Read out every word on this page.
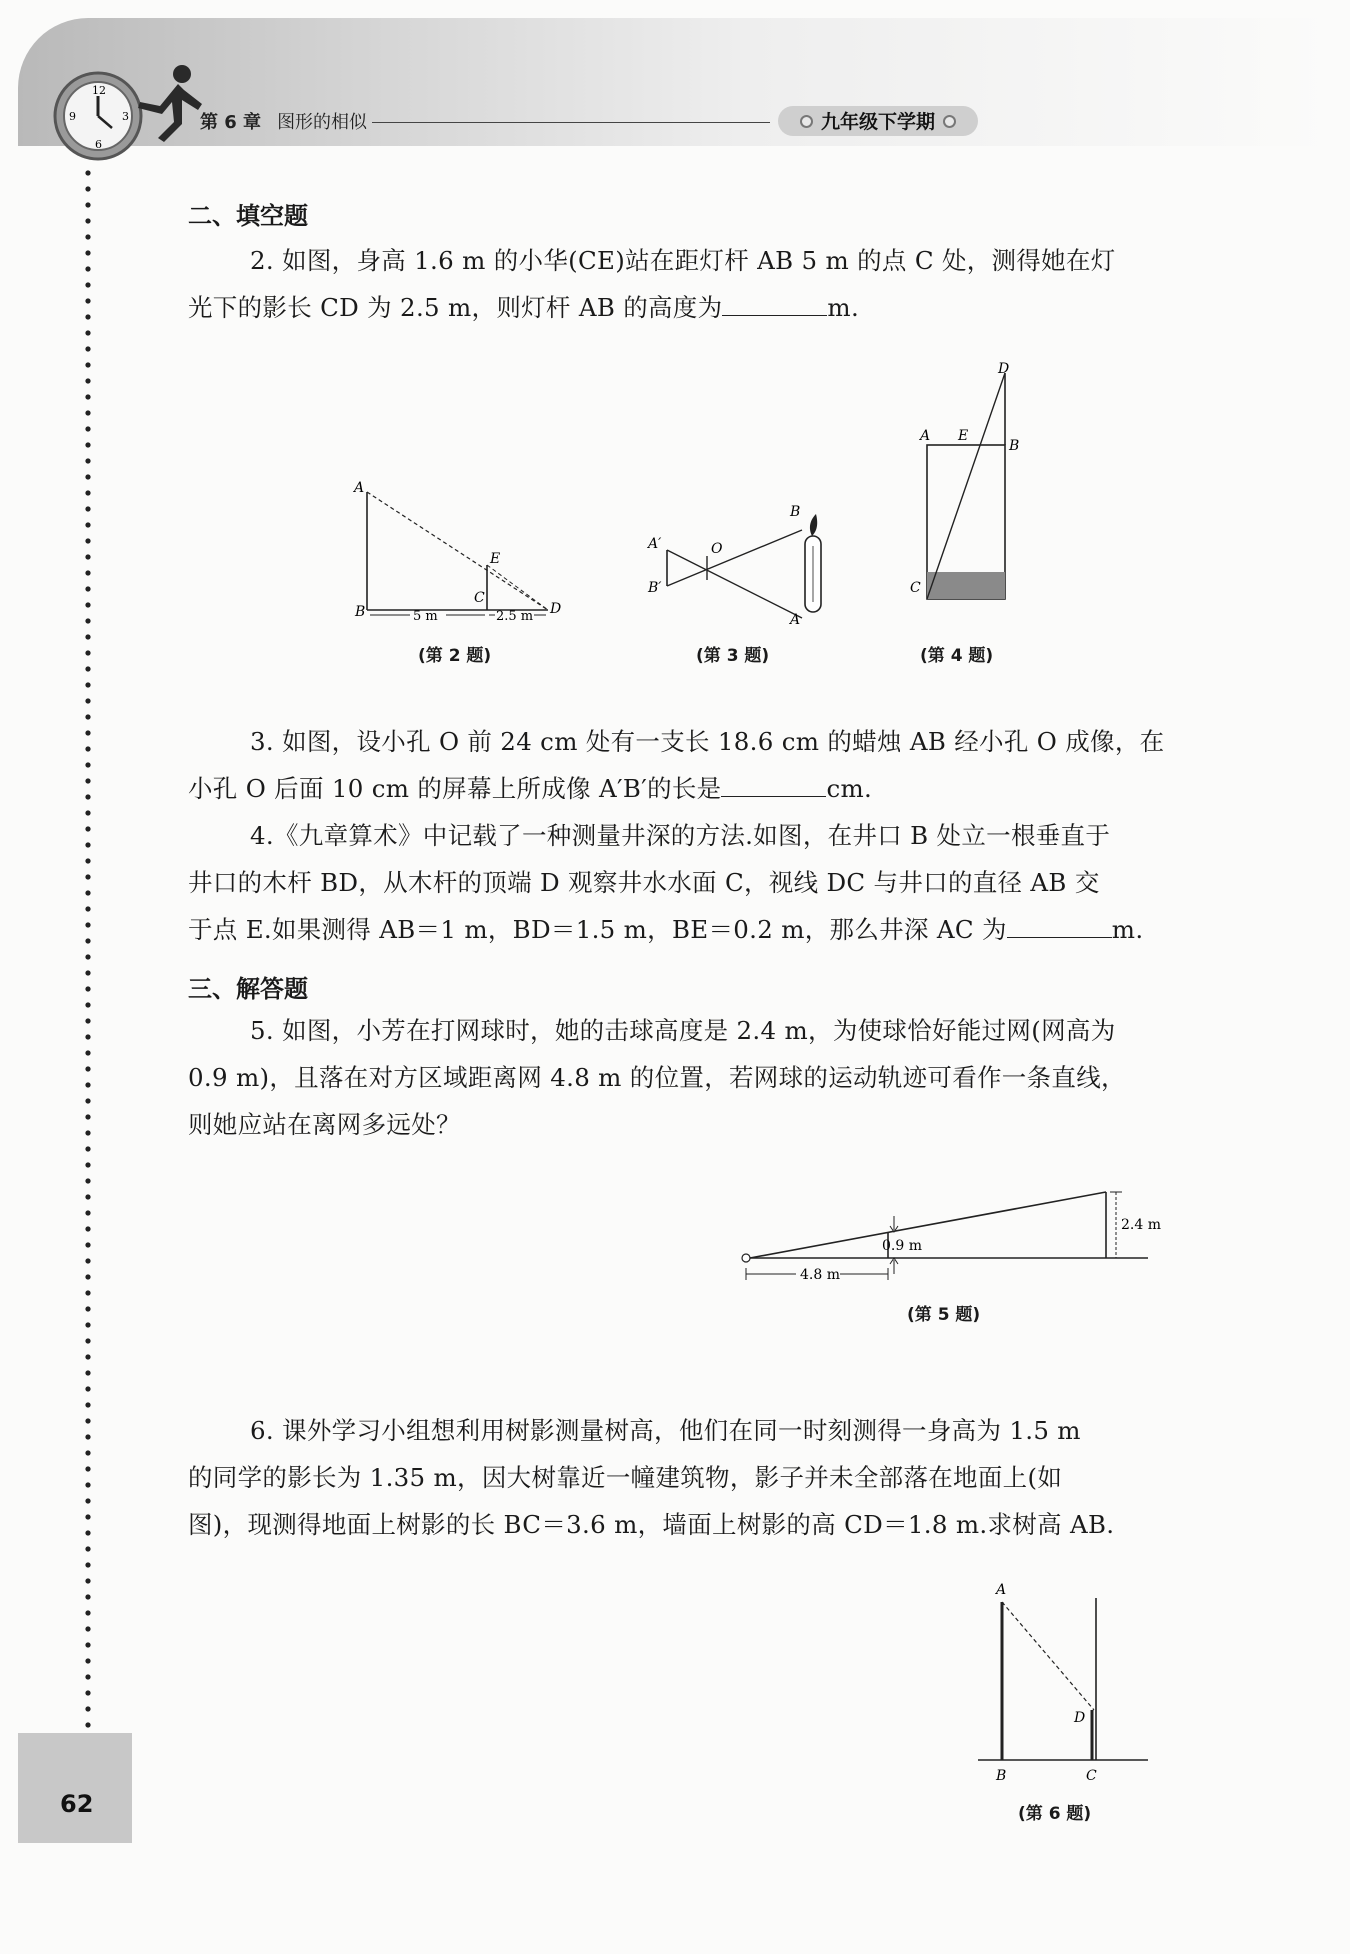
12
3
6
9	第 6 章 图形的相似	九年级下学期
62
二、填空题
2. 如图，身高 1.6 m 的小华(CE)站在距灯杆 AB 5 m 的点 C 处，测得她在灯
光下的影长 CD 为 2.5 m，则灯杆 AB 的高度为	m.
A
B
C
D
E
5 m	2.5 m
(第 2 题)
B
A
O
A′
B′
(第 3 题)
D
A E
B
C
(第 4 题)
3. 如图，设小孔 O 前 24 cm 处有一支长 18.6 cm 的蜡烛 AB 经小孔 O 成像，在
小孔 O 后面 10 cm 的屏幕上所成像 A′B′的长是	cm.
4.《九章算术》中记载了一种测量井深的方法.如图，在井口 B 处立一根垂直于
井口的木杆 BD，从木杆的顶端 D 观察井水水面 C，视线 DC 与井口的直径 AB 交
于点 E.如果测得 AB＝1 m，BD＝1.5 m，BE＝0.2 m，那么井深 AC 为	m.
三、解答题
5. 如图，小芳在打网球时，她的击球高度是 2.4 m，为使球恰好能过网(网高为
0.9 m)，且落在对方区域距离网 4.8 m 的位置，若网球的运动轨迹可看作一条直线，
则她应站在离网多远处？
0.9 m
2.4 m
4.8 m
(第 5 题)
6. 课外学习小组想利用树影测量树高，他们在同一时刻测得一身高为 1.5 m
的同学的影长为 1.35 m，因大树靠近一幢建筑物，影子并未全部落在地面上(如
图)，现测得地面上树影的长 BC＝3.6 m，墙面上树影的高 CD＝1.8 m.求树高 AB.
A
D
B	C
(第 6 题)
